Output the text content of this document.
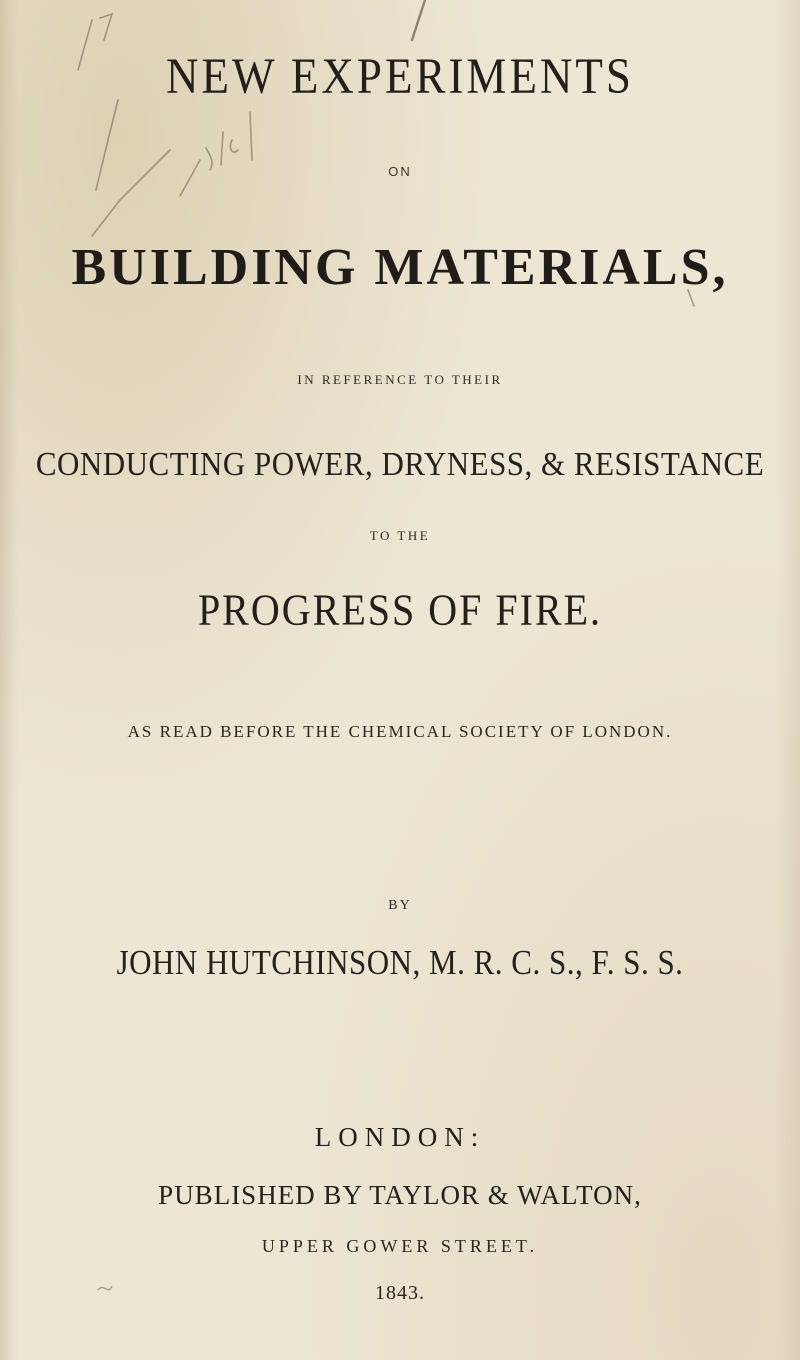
NEW EXPERIMENTS

ON

BUILDING MATERIALS,

IN REFERENCE TO THEIR

CONDUCTING POWER, DRYNESS, & RESISTANCE

TO THE

PROGRESS OF FIRE.

AS READ BEFORE THE CHEMICAL SOCIETY OF LONDON.

BY

JOHN HUTCHINSON, M. R. C. S., F. S. S.

LONDON:

PUBLISHED BY TAYLOR & WALTON,

UPPER GOWER STREET.

1843.
